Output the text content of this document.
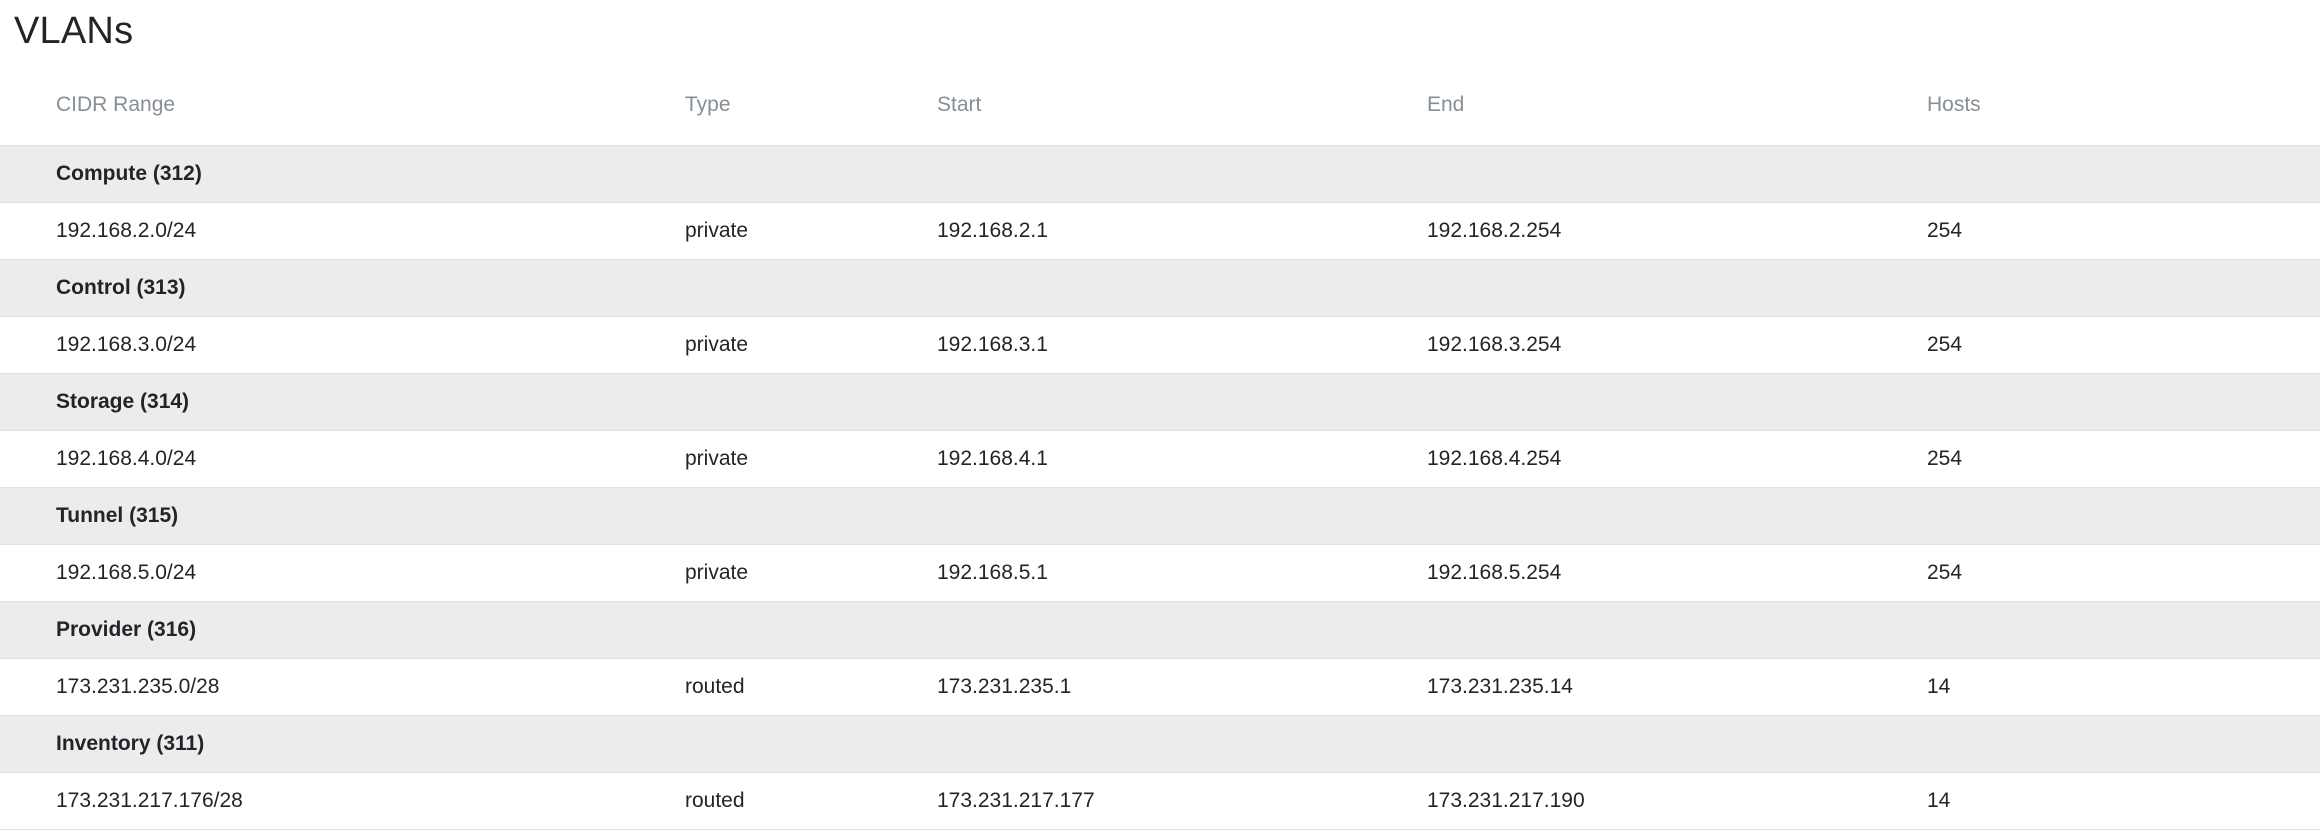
VLANs
CIDR Range	Type	Start	End	Hosts
Compute (312)				
192.168.2.0/24	private	192.168.2.1	192.168.2.254	254
Control (313)				
192.168.3.0/24	private	192.168.3.1	192.168.3.254	254
Storage (314)				
192.168.4.0/24	private	192.168.4.1	192.168.4.254	254
Tunnel (315)				
192.168.5.0/24	private	192.168.5.1	192.168.5.254	254
Provider (316)				
173.231.235.0/28	routed	173.231.235.1	173.231.235.14	14
Inventory (311)				
173.231.217.176/28	routed	173.231.217.177	173.231.217.190	14
